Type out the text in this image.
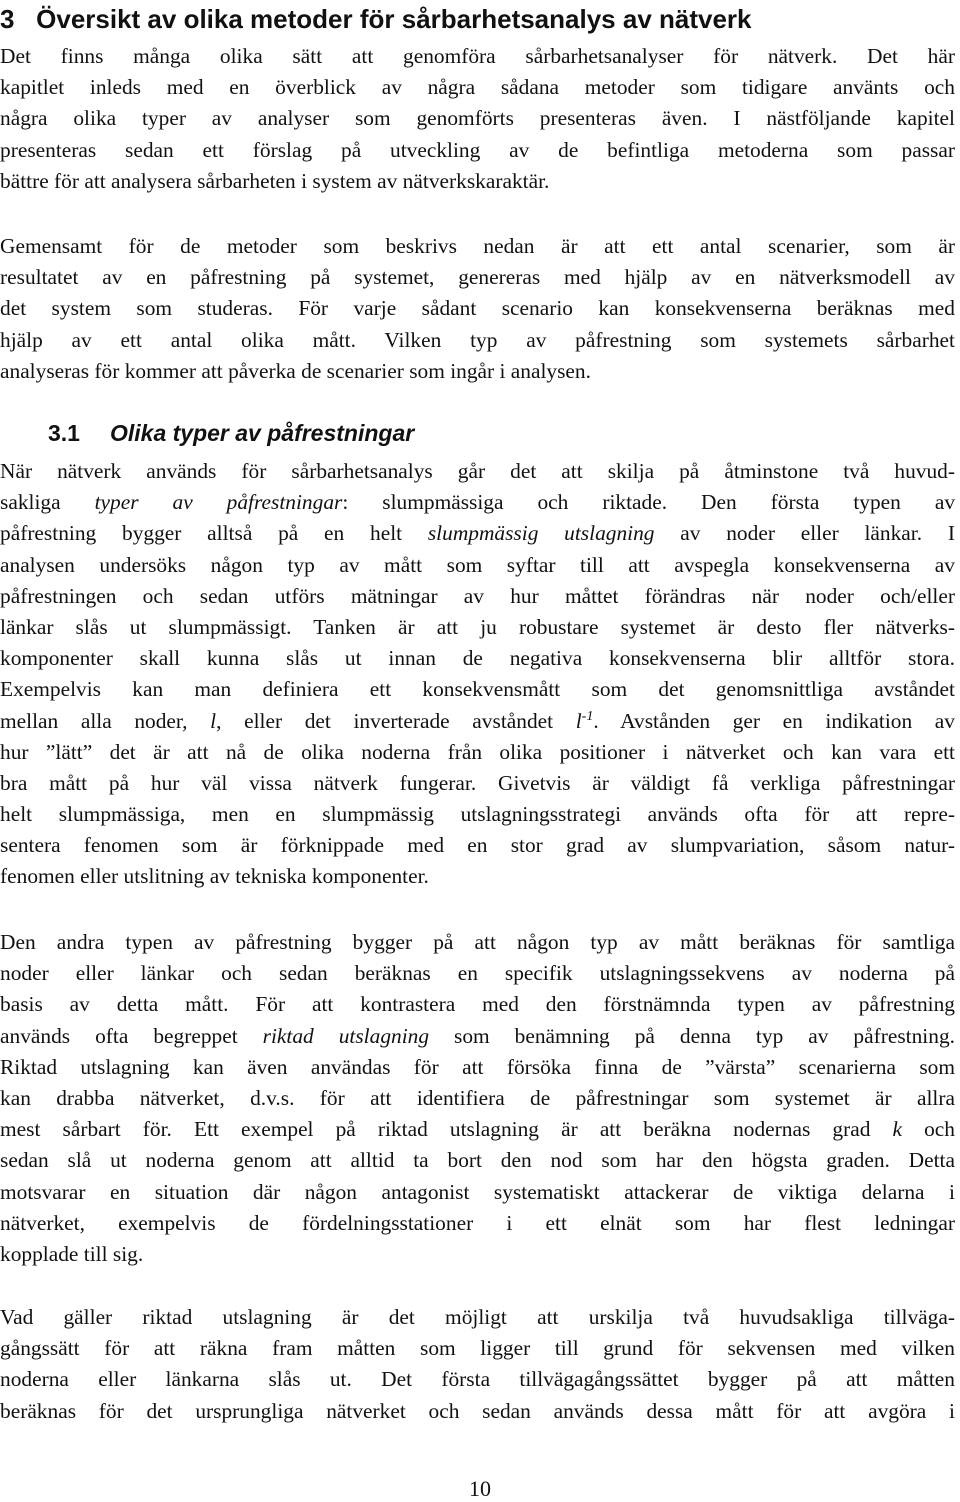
3 Översikt av olika metoder för sårbarhetsanalys av nätverk
Det finns många olika sätt att genomföra sårbarhetsanalyser för nätverk. Det här
kapitlet inleds med en överblick av några sådana metoder som tidigare använts och
några olika typer av analyser som genomförts presenteras även. I nästföljande kapitel
presenteras sedan ett förslag på utveckling av de befintliga metoderna som passar
bättre för att analysera sårbarheten i system av nätverkskaraktär.
Gemensamt för de metoder som beskrivs nedan är att ett antal scenarier, som är
resultatet av en påfrestning på systemet, genereras med hjälp av en nätverksmodell av
det system som studeras. För varje sådant scenario kan konsekvenserna beräknas med
hjälp av ett antal olika mått. Vilken typ av påfrestning som systemets sårbarhet
analyseras för kommer att påverka de scenarier som ingår i analysen.
3.1 Olika typer av påfrestningar
När nätverk används för sårbarhetsanalys går det att skilja på åtminstone två huvud-
sakliga typer av påfrestningar: slumpmässiga och riktade. Den första typen av
påfrestning bygger alltså på en helt slumpmässig utslagning av noder eller länkar. I
analysen undersöks någon typ av mått som syftar till att avspegla konsekvenserna av
påfrestningen och sedan utförs mätningar av hur måttet förändras när noder och/eller
länkar slås ut slumpmässigt. Tanken är att ju robustare systemet är desto fler nätverks-
komponenter skall kunna slås ut innan de negativa konsekvenserna blir alltför stora.
Exempelvis kan man definiera ett konsekvensmått som det genomsnittliga avståndet
mellan alla noder, l, eller det inverterade avståndet $l^{-1}$. Avstånden ger en indikation av
hur ”lätt” det är att nå de olika noderna från olika positioner i nätverket och kan vara ett
bra mått på hur väl vissa nätverk fungerar. Givetvis är väldigt få verkliga påfrestningar
helt slumpmässiga, men en slumpmässig utslagningsstrategi används ofta för att repre-
sentera fenomen som är förknippade med en stor grad av slumpvariation, såsom natur-
fenomen eller utslitning av tekniska komponenter.
Den andra typen av påfrestning bygger på att någon typ av mått beräknas för samtliga
noder eller länkar och sedan beräknas en specifik utslagningssekvens av noderna på
basis av detta mått. För att kontrastera med den förstnämnda typen av påfrestning
används ofta begreppet riktad utslagning som benämning på denna typ av påfrestning.
Riktad utslagning kan även användas för att försöka finna de ”värsta” scenarierna som
kan drabba nätverket, d.v.s. för att identifiera de påfrestningar som systemet är allra
mest sårbart för. Ett exempel på riktad utslagning är att beräkna nodernas grad k och
sedan slå ut noderna genom att alltid ta bort den nod som har den högsta graden. Detta
motsvarar en situation där någon antagonist systematiskt attackerar de viktiga delarna i
nätverket, exempelvis de fördelningsstationer i ett elnät som har flest ledningar
kopplade till sig.
Vad gäller riktad utslagning är det möjligt att urskilja två huvudsakliga tillväga-
gångssätt för att räkna fram måtten som ligger till grund för sekvensen med vilken
noderna eller länkarna slås ut. Det första tillvägagångssättet bygger på att måtten
beräknas för det ursprungliga nätverket och sedan används dessa mått för att avgöra i
10
